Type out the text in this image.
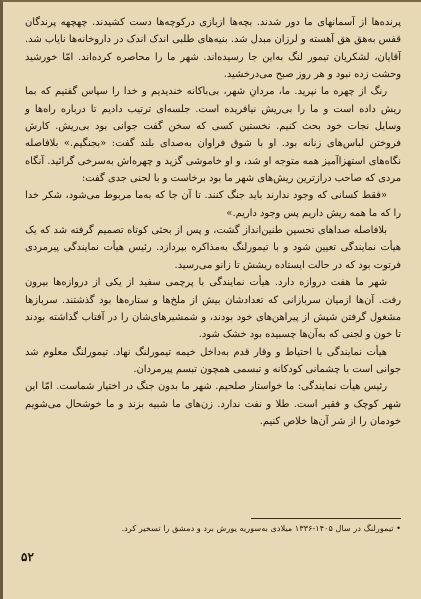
پرنده‌ها از آسمانهای ما دور شدند. بچه‌ها ازبازی درکوچه‌ها دست کشیدند. چهچهه پرندگان قفس به‌هق هق آهسته و لرزان مبدل شد. بنیه‌های طلبی اندک اندک در دارو‌خانه‌ها نایاب شد. آقایان، لشکریان تیمور لنگ به‌این جا رسیده‌اند. شهر ما را محاصره کرده‌اند. امّا خورشید وحشت زده نبود و هر روز صبح می‌درخشید.

رنگ از چهره ما نپرید. ما، مردانِ شهر، بی‌باکانه خندیدیم و خدا را سپاس گفتیم که بما ریش داده است و ما را بی‌ریش نیافریده است. جلسه‌ای ترتیب دادیم تا درباره راه‌ها و وسایل نجات خود بحث کنیم. نخستین کسی که سخن گفت جوانی بود بی‌ریش. کارش فروختن لباس‌های زنانه بود. او با شوق فراوان به‌صدای بلند گفت: «بجنگیم.» بلافاصله نگاه‌های استهزاآمیز همه متوجه او شد، و او خاموشی گزید و چهره‌اش به‌سرخی گرائید. آنگاه مردی که صاحب درازترین ریش‌های شهر ما بود برخاست و با لحنی جدی گفت:

«فقط کسانی که وجود ندارند باید جنگ کنند. تا آن جا که به‌ما مربوط می‌شود، شکر خدا را که ما همه ریش داریم پس وجود داریم.»

بلافاصله صداهای تحسین طنین‌انداز گشت، و پس از بحثی کوتاه تصمیم گرفته شد که یک هیأت نمایندگی تعیین شود و با تیمورلنگ به‌مذاکره بپردازد. رئیس هیأت نمایندگی پیرمردی فرتوت بود که در حالت ایستاده ریشش تا زانو می‌رسید.

شهر ما هفت دروازه دارد. هیأت نمایندگی با پرچمی سفید از یکی از دروازه‌ها بیرون رفت. آن‌ها ازمیان سربازانی که تعدادشان بیش از ملخ‌ها و ستاره‌ها بود گذشتند. سربازها مشغول گرفتن شپش از پیراهن‌های خود بودند، و شمشیرهای‌شان را در آفتاب گذاشته بودند تا خون و لجنی که به‌آن‌ها چسبیده بود خشک شود.

هیأت نمایندگی با احتیاط و وقار قدم به‌داخل خیمه تیمورلنگ نهاد. تیمورلنگ معلوم شد جوانی است با چشمانی کودکانه و تبسمی همچون تبسم پیرمردان.

رئیس هیأت نمایندگی: ما خواستار صلحیم. شهر ما بدون جنگ در اختیار شماست. امّا این شهر کوچک و فقیر است. طلا و نفت ندارد. زن‌های ما شبیه بزند و ما خوشحال می‌شویم خودمان را از شر آن‌ها خلاص کنیم.

• تیمورلنگ در سال ۱۴۰۵-۱۳۳۶ میلادی به‌سوریه یورش برد و دمشق را تسخیر کرد.
۵۲
